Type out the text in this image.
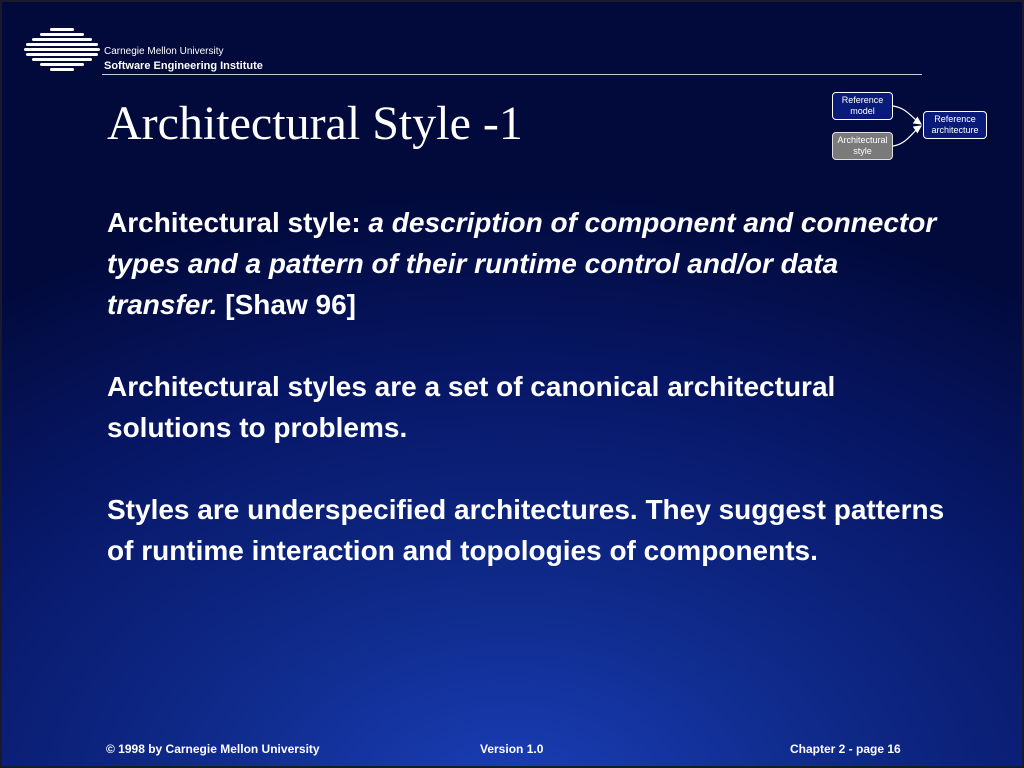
Carnegie Mellon University
Software Engineering Institute
Architectural Style -1	Reference
model
Architectural
style
Reference
architecture

Architectural style: a description of component and connector types and a pattern of their runtime control and/or data transfer. [Shaw 96]

Architectural styles are a set of canonical architectural solutions to problems.

Styles are underspecified architectures. They suggest patterns of runtime interaction and topologies of components.

© 1998 by Carnegie Mellon University	Version 1.0	Chapter 2 - page 16
